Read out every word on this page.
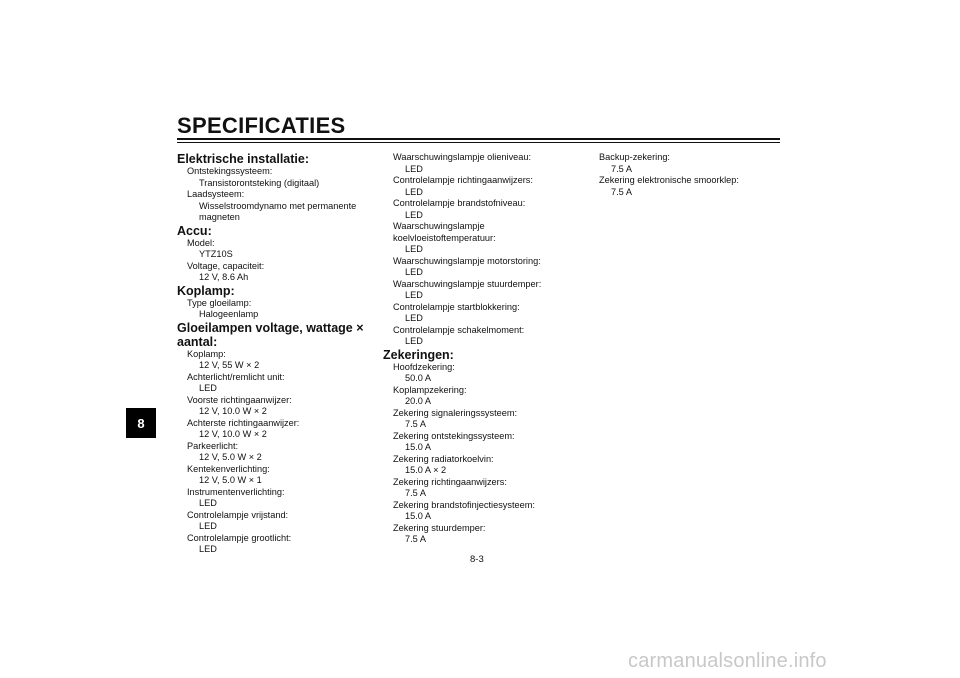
SPECIFICATIES
8

Elektrische installatie:

Ontstekingssysteem:

Transistorontsteking (digitaal)

Laadsysteem:

Wisselstroomdynamo met permanente

magneten

Accu:

Model:

YTZ10S

Voltage, capaciteit:

12 V, 8.6 Ah

Koplamp:

Type gloeilamp:

Halogeenlamp

Gloeilampen voltage, wattage × aantal:

Koplamp:

12 V, 55 W × 2

Achterlicht/remlicht unit:

LED

Voorste richtingaanwijzer:

12 V, 10.0 W × 2

Achterste richtingaanwijzer:

12 V, 10.0 W × 2

Parkeerlicht:

12 V, 5.0 W × 2

Kentekenverlichting:

12 V, 5.0 W × 1

Instrumentenverlichting:

LED

Controlelampje vrijstand:

LED

Controlelampje grootlicht:

LED

Waarschuwingslampje olieniveau:

LED

Controlelampje richtingaanwijzers:

LED

Controlelampje brandstofniveau:

LED

Waarschuwingslampje

koelvloeistoftemperatuur:

LED

Waarschuwingslampje motorstoring:

LED

Waarschuwingslampje stuurdemper:

LED

Controlelampje startblokkering:

LED

Controlelampje schakelmoment:

LED

Zekeringen:

Hoofdzekering:

50.0 A

Koplampzekering:

20.0 A

Zekering signaleringssysteem:

7.5 A

Zekering ontstekingssysteem:

15.0 A

Zekering radiatorkoelvin:

15.0 A × 2

Zekering richtingaanwijzers:

7.5 A

Zekering brandstofinjectiesysteem:

15.0 A

Zekering stuurdemper:

7.5 A

Backup-zekering:

7.5 A

Zekering elektronische smoorklep:

7.5 A

8-3
carmanualsonline.info
